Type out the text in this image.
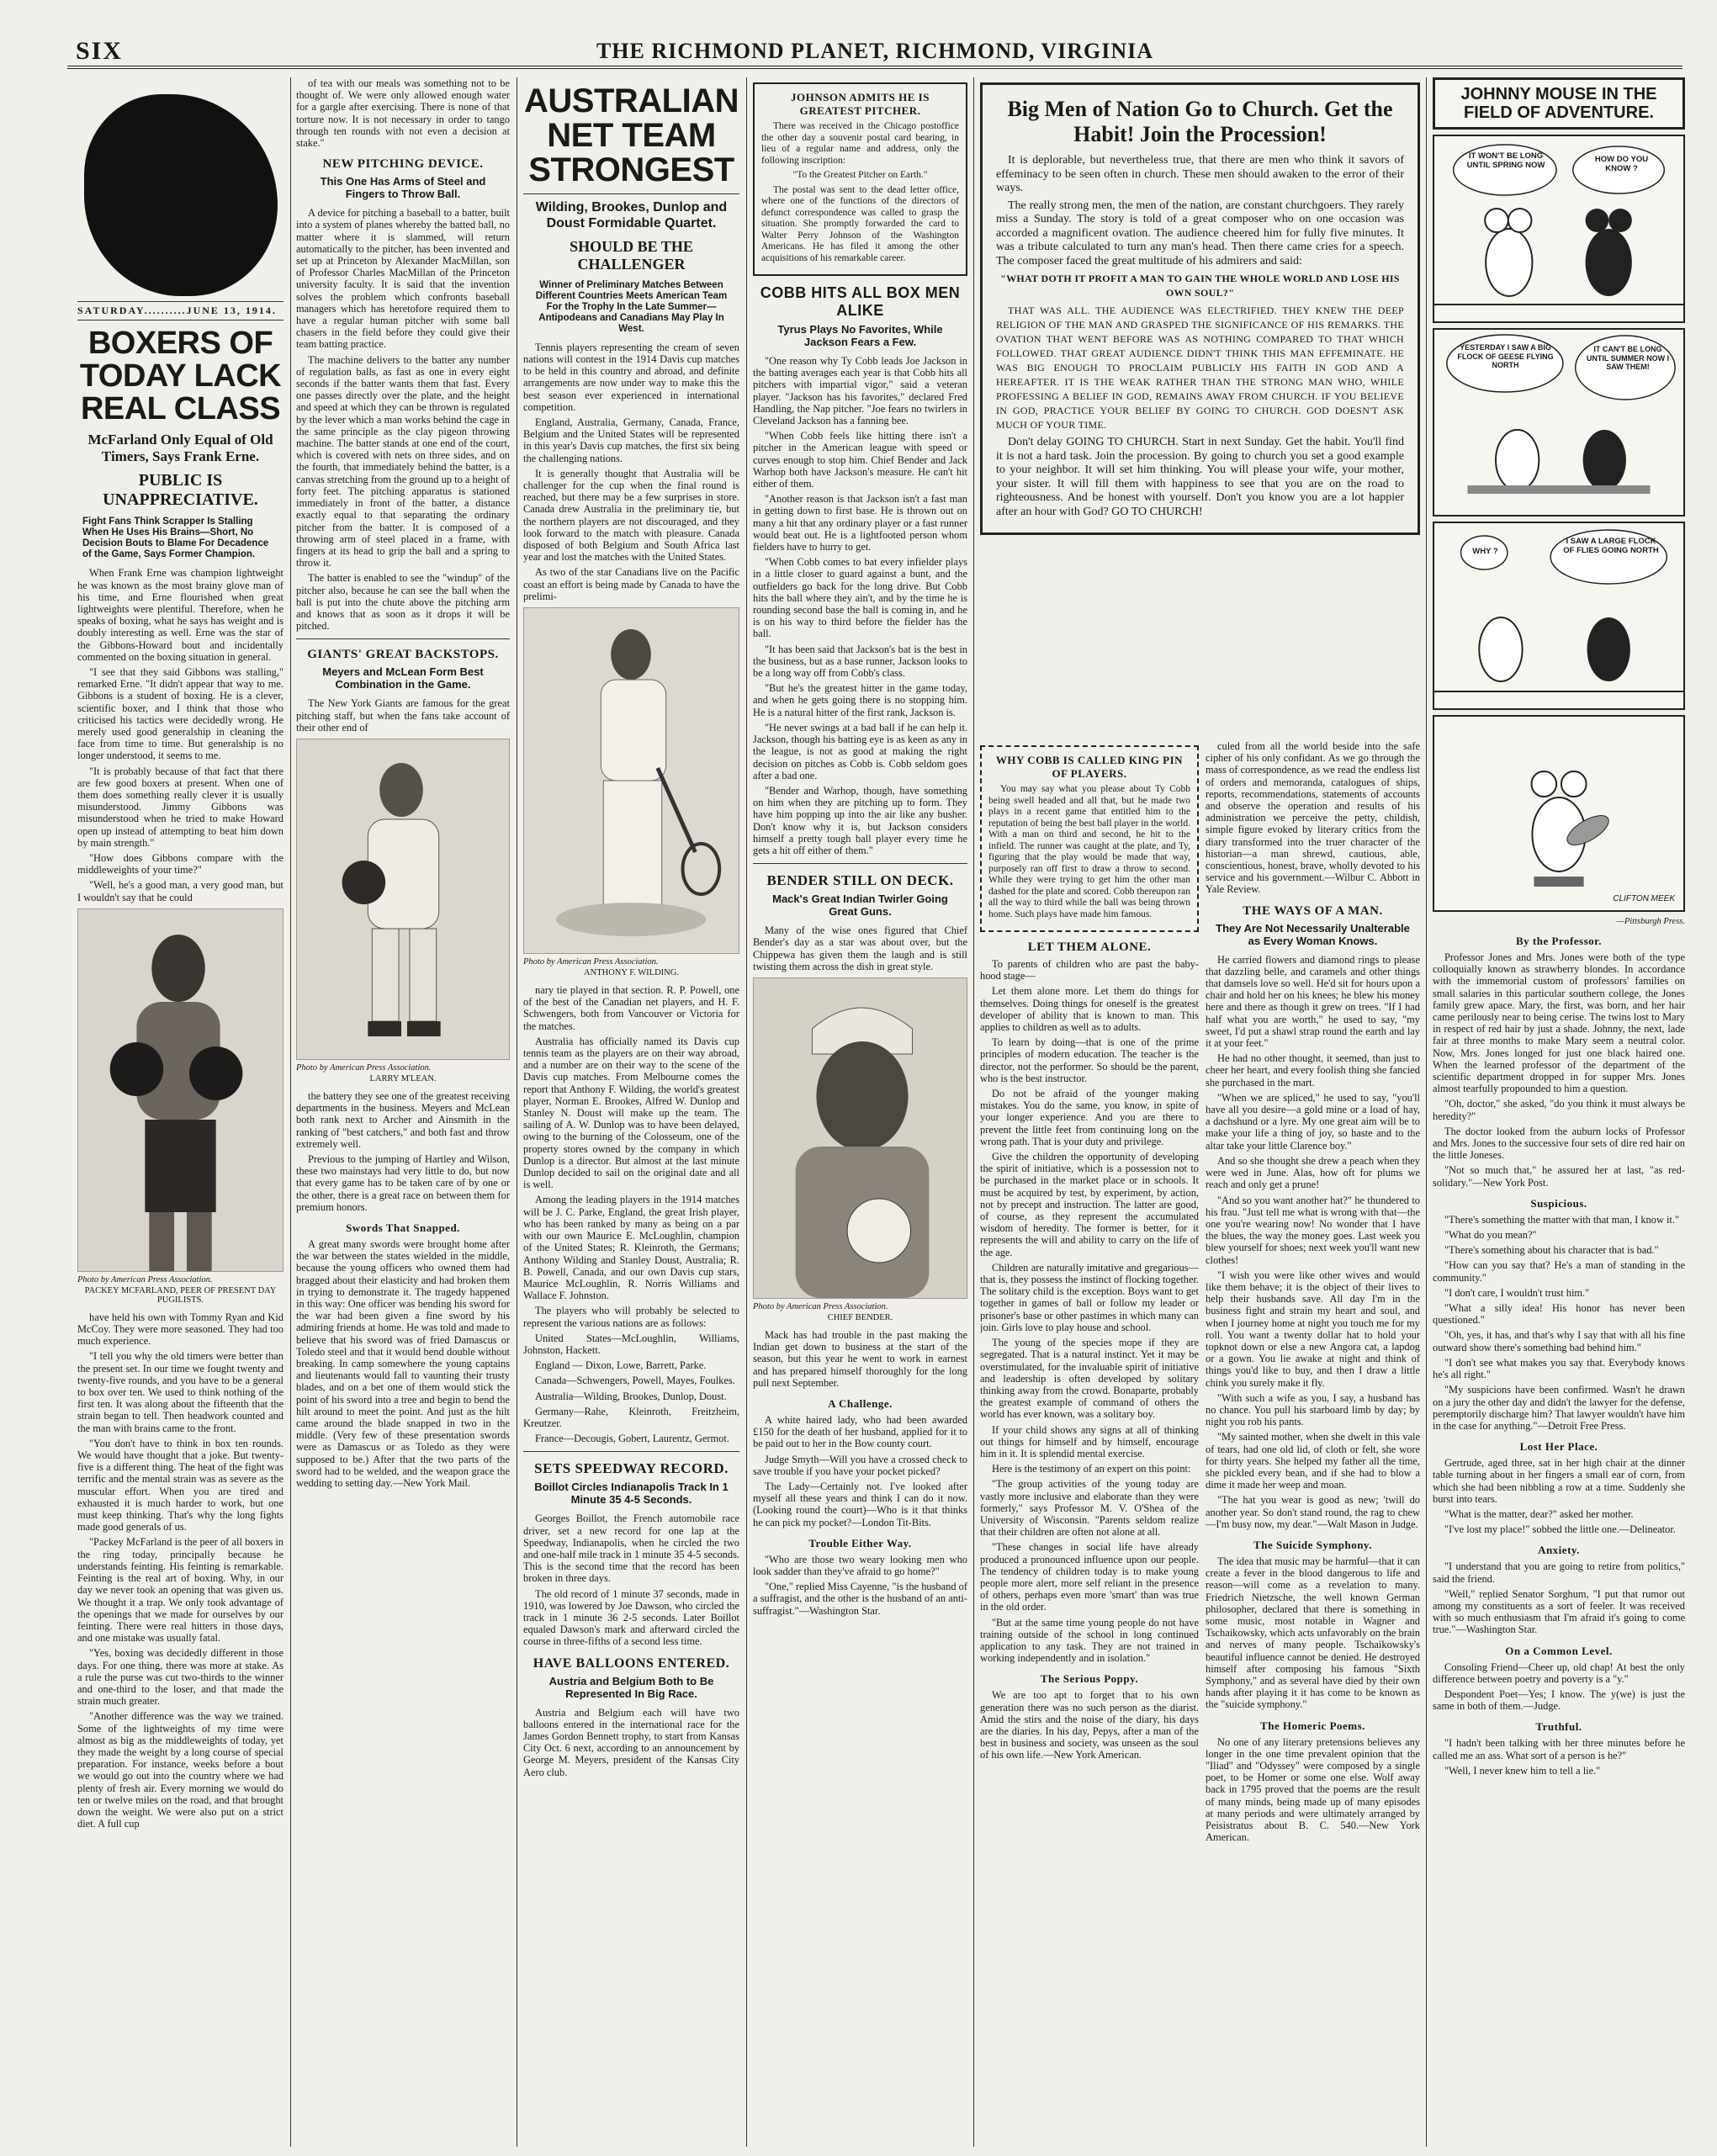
SIX	THE RICHMOND PLANET, RICHMOND, VIRGINIA
SATURDAY..........JUNE 13, 1914.
BOXERS OF TODAY LACK REAL CLASS
McFarland Only Equal of Old Timers, Says Frank Erne.
PUBLIC IS UNAPPRECIATIVE.
Fight Fans Think Scrapper Is Stalling When He Uses His Brains—Short, No Decision Bouts to Blame For Decadence of the Game, Says Former Champion.

When Frank Erne was champion lightweight he was known as the most brainy glove man of his time, and Erne flourished when great lightweights were plentiful. Therefore, when he speaks of boxing, what he says has weight and is doubly interesting as well. Erne was the star of the Gibbons-Howard bout and incidentally commented on the boxing situation in general.

"I see that they said Gibbons was stalling," remarked Erne. "It didn't appear that way to me. Gibbons is a student of boxing. He is a clever, scientific boxer, and I think that those who criticised his tactics were decidedly wrong. He merely used good generalship in cleaning the face from time to time. But generalship is no longer understood, it seems to me.

"It is probably because of that fact that there are few good boxers at present. When one of them does something really clever it is usually misunderstood. Jimmy Gibbons was misunderstood when he tried to make Howard open up instead of attempting to beat him down by main strength."

"How does Gibbons compare with the middleweights of your time?"

"Well, he's a good man, a very good man, but I wouldn't say that he could

Photo by American Press Association.
PACKEY MCFARLAND, PEER OF PRESENT DAY PUGILISTS.

have held his own with Tommy Ryan and Kid McCoy. They were more seasoned. They had too much experience.

"I tell you why the old timers were better than the present set. In our time we fought twenty and twenty-five rounds, and you have to be a general to box over ten. We used to think nothing of the first ten. It was along about the fifteenth that the strain began to tell. Then headwork counted and the man with brains came to the front.

"You don't have to think in box ten rounds. We would have thought that a joke. But twenty-five is a different thing. The heat of the fight was terrific and the mental strain was as severe as the muscular effort. When you are tired and exhausted it is much harder to work, but one must keep thinking. That's why the long fights made good generals of us.

"Packey McFarland is the peer of all boxers in the ring today, principally because he understands feinting. His feinting is remarkable. Feinting is the real art of boxing. Why, in our day we never took an opening that was given us. We thought it a trap. We only took advantage of the openings that we made for ourselves by our feinting. There were real hitters in those days, and one mistake was usually fatal.

"Yes, boxing was decidedly different in those days. For one thing, there was more at stake. As a rule the purse was cut two-thirds to the winner and one-third to the loser, and that made the strain much greater.

"Another difference was the way we trained. Some of the lightweights of my time were almost as big as the middleweights of today, yet they made the weight by a long course of special preparation. For instance, weeks before a bout we would go out into the country where we had plenty of fresh air. Every morning we would do ten or twelve miles on the road, and that brought down the weight. We were also put on a strict diet. A full cup

of tea with our meals was something not to be thought of. We were only allowed enough water for a gargle after exercising. There is none of that torture now. It is not necessary in order to tango through ten rounds with not even a decision at stake."

NEW PITCHING DEVICE.
This One Has Arms of Steel and Fingers to Throw Ball.

A device for pitching a baseball to a batter, built into a system of planes whereby the batted ball, no matter where it is slammed, will return automatically to the pitcher, has been invented and set up at Princeton by Alexander MacMillan, son of Professor Charles MacMillan of the Princeton university faculty. It is said that the invention solves the problem which confronts baseball managers which has heretofore required them to have a regular human pitcher with some ball chasers in the field before they could give their team batting practice.

The machine delivers to the batter any number of regulation balls, as fast as one in every eight seconds if the batter wants them that fast. Every one passes directly over the plate, and the height and speed at which they can be thrown is regulated by the lever which a man works behind the cage in the same principle as the clay pigeon throwing machine. The batter stands at one end of the court, which is covered with nets on three sides, and on the fourth, that immediately behind the batter, is a canvas stretching from the ground up to a height of forty feet. The pitching apparatus is stationed immediately in front of the batter, a distance exactly equal to that separating the ordinary pitcher from the batter. It is composed of a throwing arm of steel placed in a frame, with fingers at its head to grip the ball and a spring to throw it.

The batter is enabled to see the "windup" of the pitcher also, because he can see the ball when the ball is put into the chute above the pitching arm and knows that as soon as it drops it will be pitched.

GIANTS' GREAT BACKSTOPS.
Meyers and McLean Form Best Combination in the Game.

The New York Giants are famous for the great pitching staff, but when the fans take account of their other end of

Photo by American Press Association.
LARRY M'LEAN.

the battery they see one of the greatest receiving departments in the business. Meyers and McLean both rank next to Archer and Ainsmith in the ranking of "best catchers," and both fast and throw extremely well.

Previous to the jumping of Hartley and Wilson, these two mainstays had very little to do, but now that every game has to be taken care of by one or the other, there is a great race on between them for premium honors.

Swords That Snapped.

A great many swords were brought home after the war between the states wielded in the middle, because the young officers who owned them had bragged about their elasticity and had broken them in trying to demonstrate it. The tragedy happened in this way: One officer was bending his sword for the war had been given a fine sword by his admiring friends at home. He was told and made to believe that his sword was of fried Damascus or Toledo steel and that it would bend double without breaking. In camp somewhere the young captains and lieutenants would fall to vaunting their trusty blades, and on a bet one of them would stick the point of his sword into a tree and begin to bend the hilt around to meet the point. And just as the hilt came around the blade snapped in two in the middle. (Very few of these presentation swords were as Damascus or as Toledo as they were supposed to be.) After that the two parts of the sword had to be welded, and the weapon grace the wedding to setting day.—New York Mail.

AUSTRALIAN NET TEAM STRONGEST
Wilding, Brookes, Dunlop and Doust Formidable Quartet.
SHOULD BE THE CHALLENGER
Winner of Preliminary Matches Between Different Countries Meets American Team For the Trophy In the Late Summer—Antipodeans and Canadians May Play In West.

Tennis players representing the cream of seven nations will contest in the 1914 Davis cup matches to be held in this country and abroad, and definite arrangements are now under way to make this the best season ever experienced in international competition.

England, Australia, Germany, Canada, France, Belgium and the United States will be represented in this year's Davis cup matches, the first six being the challenging nations.

It is generally thought that Australia will be challenger for the cup when the final round is reached, but there may be a few surprises in store. Canada drew Australia in the preliminary tie, but the northern players are not discouraged, and they look forward to the match with pleasure. Canada disposed of both Belgium and South Africa last year and lost the matches with the United States.

As two of the star Canadians live on the Pacific coast an effort is being made by Canada to have the prelimi-

Photo by American Press Association.
ANTHONY F. WILDING.

nary tie played in that section. R. P. Powell, one of the best of the Canadian net players, and H. F. Schwengers, both from Vancouver or Victoria for the matches.

Australia has officially named its Davis cup tennis team as the players are on their way abroad, and a number are on their way to the scene of the Davis cup matches. From Melbourne comes the report that Anthony F. Wilding, the world's greatest player, Norman E. Brookes, Alfred W. Dunlop and Stanley N. Doust will make up the team. The sailing of A. W. Dunlop was to have been delayed, owing to the burning of the Colosseum, one of the property stores owned by the company in which Dunlop is a director. But almost at the last minute Dunlop decided to sail on the original date and all is well.

Among the leading players in the 1914 matches will be J. C. Parke, England, the great Irish player, who has been ranked by many as being on a par with our own Maurice E. McLoughlin, champion of the United States; R. Kleinroth, the Germans; Anthony Wilding and Stanley Doust, Australia; R. B. Powell, Canada, and our own Davis cup stars, Maurice McLoughlin, R. Norris Williams and Wallace F. Johnston.

The players who will probably be selected to represent the various nations are as follows:

United States—McLoughlin, Williams, Johnston, Hackett.

England — Dixon, Lowe, Barrett, Parke.

Canada—Schwengers, Powell, Mayes, Foulkes.

Australia—Wilding, Brookes, Dunlop, Doust.

Germany—Rahe, Kleinroth, Freitzheim, Kreutzer.

France—Decougis, Gobert, Laurentz, Germot.

SETS SPEEDWAY RECORD.
Boillot Circles Indianapolis Track In 1 Minute 35 4-5 Seconds.

Georges Boillot, the French automobile race driver, set a new record for one lap at the Speedway, Indianapolis, when he circled the two and one-half mile track in 1 minute 35 4-5 seconds. This is the second time that the record has been broken in three days.

The old record of 1 minute 37 seconds, made in 1910, was lowered by Joe Dawson, who circled the track in 1 minute 36 2-5 seconds. Later Boillot equaled Dawson's mark and afterward circled the course in three-fifths of a second less time.

HAVE BALLOONS ENTERED.
Austria and Belgium Both to Be Represented In Big Race.

Austria and Belgium each will have two balloons entered in the international race for the James Gordon Bennett trophy, to start from Kansas City Oct. 6 next, according to an announcement by George M. Meyers, president of the Kansas City Aero club.

JOHNSON ADMITS HE IS GREATEST PITCHER.

There was received in the Chicago postoffice the other day a souvenir postal card bearing, in lieu of a regular name and address, only the following inscription:

"To the Greatest Pitcher on Earth."

The postal was sent to the dead letter office, where one of the functions of the directors of defunct correspondence was called to grasp the situation. She promptly forwarded the card to Walter Perry Johnson of the Washington Americans. He has filed it among the other acquisitions of his remarkable career.

COBB HITS ALL BOX MEN ALIKE
Tyrus Plays No Favorites, While Jackson Fears a Few.

"One reason why Ty Cobb leads Joe Jackson in the batting averages each year is that Cobb hits all pitchers with impartial vigor," said a veteran player. "Jackson has his favorites," declared Fred Handling, the Nap pitcher. "Joe fears no twirlers in Cleveland Jackson has a fanning bee.

"When Cobb feels like hitting there isn't a pitcher in the American league with speed or curves enough to stop him. Chief Bender and Jack Warhop both have Jackson's measure. He can't hit either of them.

"Another reason is that Jackson isn't a fast man in getting down to first base. He is thrown out on many a hit that any ordinary player or a fast runner would beat out. He is a lightfooted person whom fielders have to hurry to get.

"When Cobb comes to bat every infielder plays in a little closer to guard against a bunt, and the outfielders go back for the long drive. But Cobb hits the ball where they ain't, and by the time he is rounding second base the ball is coming in, and he is on his way to third before the fielder has the ball.

"It has been said that Jackson's bat is the best in the business, but as a base runner, Jackson looks to be a long way off from Cobb's class.

"But he's the greatest hitter in the game today, and when he gets going there is no stopping him. He is a natural hitter of the first rank, Jackson is.

"He never swings at a bad ball if he can help it. Jackson, though his batting eye is as keen as any in the league, is not as good at making the right decision on pitches as Cobb is. Cobb seldom goes after a bad one.

"Bender and Warhop, though, have something on him when they are pitching up to form. They have him popping up into the air like any busher. Don't know why it is, but Jackson considers himself a pretty tough ball player every time he gets a hit off either of them."

BENDER STILL ON DECK.
Mack's Great Indian Twirler Going Great Guns.

Many of the wise ones figured that Chief Bender's day as a star was about over, but the Chippewa has given them the laugh and is still twisting them across the dish in great style.

Photo by American Press Association.
CHIEF BENDER.

Mack has had trouble in the past making the Indian get down to business at the start of the season, but this year he went to work in earnest and has prepared himself thoroughly for the long pull next September.

A Challenge.

A white haired lady, who had been awarded £150 for the death of her husband, applied for it to be paid out to her in the Bow county court.

Judge Smyth—Will you have a crossed check to save trouble if you have your pocket picked?

The Lady—Certainly not. I've looked after myself all these years and think I can do it now. (Looking round the court)—Who is it that thinks he can pick my pocket?—London Tit-Bits.

Trouble Either Way.

"Who are those two weary looking men who look sadder than they've afraid to go home?"

"One," replied Miss Cayenne, "is the husband of a suffragist, and the other is the husband of an anti-suffragist."—Washington Star.

Big Men of Nation Go to Church. Get the Habit! Join the Procession!

It is deplorable, but nevertheless true, that there are men who think it savors of effeminacy to be seen often in church. These men should awaken to the error of their ways.

The really strong men, the men of the nation, are constant churchgoers. They rarely miss a Sunday. The story is told of a great composer who on one occasion was accorded a magnificent ovation. The audience cheered him for fully five minutes. It was a tribute calculated to turn any man's head. Then there came cries for a speech. The composer faced the great multitude of his admirers and said:

"WHAT DOTH IT PROFIT A MAN TO GAIN THE WHOLE WORLD AND LOSE HIS OWN SOUL?"

THAT WAS ALL. THE AUDIENCE WAS ELECTRIFIED. THEY KNEW THE DEEP RELIGION OF THE MAN AND GRASPED THE SIGNIFICANCE OF HIS REMARKS. THE OVATION THAT WENT BEFORE WAS AS NOTHING COMPARED TO THAT WHICH FOLLOWED. THAT GREAT AUDIENCE DIDN'T THINK THIS MAN EFFEMINATE. HE WAS BIG ENOUGH TO PROCLAIM PUBLICLY HIS FAITH IN GOD AND A HEREAFTER. IT IS THE WEAK RATHER THAN THE STRONG MAN WHO, WHILE PROFESSING A BELIEF IN GOD, REMAINS AWAY FROM CHURCH. IF YOU BELIEVE IN GOD, PRACTICE YOUR BELIEF BY GOING TO CHURCH. GOD DOESN'T ASK MUCH OF YOUR TIME.

Don't delay GOING TO CHURCH. Start in next Sunday. Get the habit. You'll find it is not a hard task. Join the procession. By going to church you set a good example to your neighbor. It will set him thinking. You will please your wife, your mother, your sister. It will fill them with happiness to see that you are on the road to righteousness. And be honest with yourself. Don't you know you are a lot happier after an hour with God? GO TO CHURCH!

WHY COBB IS CALLED KING PIN OF PLAYERS.

You may say what you please about Ty Cobb being swell headed and all that, but he made two plays in a recent game that entitled him to the reputation of being the best ball player in the world. With a man on third and second, he hit to the infield. The runner was caught at the plate, and Ty, figuring that the play would be made that way, purposely ran off first to draw a throw to second. While they were trying to get him the other man dashed for the plate and scored. Cobb thereupon ran all the way to third while the ball was being thrown home. Such plays have made him famous.

LET THEM ALONE.

To parents of children who are past the baby-hood stage—

Let them alone more. Let them do things for themselves. Doing things for oneself is the greatest developer of ability that is known to man. This applies to children as well as to adults.

To learn by doing—that is one of the prime principles of modern education. The teacher is the director, not the performer. So should be the parent, who is the best instructor.

Do not be afraid of the younger making mistakes. You do the same, you know, in spite of your longer experience. And you are there to prevent the little feet from continuing long on the wrong path. That is your duty and privilege.

Give the children the opportunity of developing the spirit of initiative, which is a possession not to be purchased in the market place or in schools. It must be acquired by test, by experiment, by action, not by precept and instruction. The latter are good, of course, as they represent the accumulated wisdom of heredity. The former is better, for it represents the will and ability to carry on the life of the age.

Children are naturally imitative and gregarious—that is, they possess the instinct of flocking together. The solitary child is the exception. Boys want to get together in games of ball or follow my leader or prisoner's base or other pastimes in which many can join. Girls love to play house and school.

The young of the species mope if they are segregated. That is a natural instinct. Yet it may be overstimulated, for the invaluable spirit of initiative and leadership is often developed by solitary thinking away from the crowd. Bonaparte, probably the greatest example of command of others the world has ever known, was a solitary boy.

If your child shows any signs at all of thinking out things for himself and by himself, encourage him in it. It is splendid mental exercise.

Here is the testimony of an expert on this point:

"The group activities of the young today are vastly more inclusive and elaborate than they were formerly," says Professor M. V. O'Shea of the University of Wisconsin. "Parents seldom realize that their children are often not alone at all.

"These changes in social life have already produced a pronounced influence upon our people. The tendency of children today is to make young people more alert, more self reliant in the presence of others, perhaps even more 'smart' than was true in the old order.

"But at the same time young people do not have training outside of the school in long continued application to any task. They are not trained in working independently and in isolation."

The Serious Poppy.

We are too apt to forget that to his own generation there was no such person as the diarist. Amid the stirs and the noise of the diary, his days are the diaries. In his day, Pepys, after a man of the best in business and society, was unseen as the soul of his own life.—New York American.

culed from all the world beside into the safe cipher of his only confidant. As we go through the mass of correspondence, as we read the endless list of orders and memoranda, catalogues of ships, reports, recommendations, statements of accounts and observe the operation and results of his administration we perceive the petty, childish, simple figure evoked by literary critics from the diary transformed into the truer character of the historian—a man shrewd, cautious, able, conscientious, honest, brave, wholly devoted to his service and his government.—Wilbur C. Abbott in Yale Review.

THE WAYS OF A MAN.
They Are Not Necessarily Unalterable as Every Woman Knows.

He carried flowers and diamond rings to please that dazzling belle, and caramels and other things that damsels love so well. He'd sit for hours upon a chair and hold her on his knees; he blew his money here and there as though it grew on trees. "If I had half what you are worth," he used to say, "my sweet, I'd put a shawl strap round the earth and lay it at your feet."

He had no other thought, it seemed, than just to cheer her heart, and every foolish thing she fancied she purchased in the mart.

"When we are spliced," he used to say, "you'll have all you desire—a gold mine or a load of hay, a dachshund or a lyre. My one great aim will be to make your life a thing of joy, so haste and to the altar take your little Clarence boy."

And so she thought she drew a peach when they were wed in June. Alas, how oft for plums we reach and only get a prune!

"And so you want another hat?" he thundered to his frau. "Just tell me what is wrong with that—the one you're wearing now! No wonder that I have the blues, the way the money goes. Last week you blew yourself for shoes; next week you'll want new clothes!

"I wish you were like other wives and would like them behave; it is the object of their lives to help their husbands save. All day I'm in the business fight and strain my heart and soul, and when I journey home at night you touch me for my roll. You want a twenty dollar hat to hold your topknot down or else a new Angora cat, a lapdog or a gown. You lie awake at night and think of things you'd like to buy, and then I draw a little chink you surely make it fly.

"With such a wife as you, I say, a husband has no chance. You pull his starboard limb by day; by night you rob his pants.

"My sainted mother, when she dwelt in this vale of tears, had one old lid, of cloth or felt, she wore for thirty years. She helped my father all the time, she pickled every bean, and if she had to blow a dime it made her weep and moan.

"The hat you wear is good as new; 'twill do another year. So don't stand round, the rag to chew—I'm busy now, my dear."—Walt Mason in Judge.

The Suicide Symphony.

The idea that music may be harmful—that it can create a fever in the blood dangerous to life and reason—will come as a revelation to many. Friedrich Nietzsche, the well known German philosopher, declared that there is something in some music, most notable in Wagner and Tschaikowsky, which acts unfavorably on the brain and nerves of many people. Tschaikowsky's beautiful influence cannot be denied. He destroyed himself after composing his famous "Sixth Symphony," and as several have died by their own hands after playing it it has come to be known as the "suicide symphony."

The Homeric Poems.

No one of any literary pretensions believes any longer in the one time prevalent opinion that the "Iliad" and "Odyssey" were composed by a single poet, to be Homer or some one else. Wolf away back in 1795 proved that the poems are the result of many minds, being made up of many episodes at many periods and were ultimately arranged by Peisistratus about B. C. 540.—New York American.

JOHNNY MOUSE IN THE FIELD OF ADVENTURE.
IT WON'T BE LONG UNTIL SPRING NOW
HOW DO YOU KNOW ?
YESTERDAY I SAW A BIG FLOCK OF GEESE FLYING NORTH
IT CAN'T BE LONG UNTIL SUMMER NOW I SAW THEM!
WHY ?
I SAW A LARGE FLOCK OF FLIES GOING NORTH
CLIFTON MEEK
—Pittsburgh Press.
By the Professor.

Professor Jones and Mrs. Jones were both of the type colloquially known as strawberry blondes. In accordance with the immemorial custom of professors' families on small salaries in this particular southern college, the Jones family grew apace. Mary, the first, was born, and her hair came perilously near to being cerise. The twins lost to Mary in respect of red hair by just a shade. Johnny, the next, lade fair at three months to make Mary seem a neutral color. Now, Mrs. Jones longed for just one black haired one. When the learned professor of the department of the scientific department dropped in for supper Mrs. Jones almost tearfully propounded to him a question.

"Oh, doctor," she asked, "do you think it must always be heredity?"

The doctor looked from the auburn locks of Professor and Mrs. Jones to the successive four sets of dire red hair on the little Joneses.

"Not so much that," he assured her at last, "as red-solidary."—New York Post.

Suspicious.

"There's something the matter with that man, I know it."

"What do you mean?"

"There's something about his character that is bad."

"How can you say that? He's a man of standing in the community."

"I don't care, I wouldn't trust him."

"What a silly idea! His honor has never been questioned."

"Oh, yes, it has, and that's why I say that with all his fine outward show there's something bad behind him."

"I don't see what makes you say that. Everybody knows he's all right."

"My suspicions have been confirmed. Wasn't he drawn on a jury the other day and didn't the lawyer for the defense, peremptorily discharge him? That lawyer wouldn't have him in the case for anything."—Detroit Free Press.

Lost Her Place.

Gertrude, aged three, sat in her high chair at the dinner table turning about in her fingers a small ear of corn, from which she had been nibbling a row at a time. Suddenly she burst into tears.

"What is the matter, dear?" asked her mother.

"I've lost my place!" sobbed the little one.—Delineator.

Anxiety.

"I understand that you are going to retire from politics," said the friend.

"Well," replied Senator Sorghum, "I put that rumor out among my constituents as a sort of feeler. It was received with so much enthusiasm that I'm afraid it's going to come true."—Washington Star.

On a Common Level.

Consoling Friend—Cheer up, old chap! At best the only difference between poetry and poverty is a "y."

Despondent Poet—Yes; I know. The y(we) is just the same in both of them.—Judge.

Truthful.

"I hadn't been talking with her three minutes before he called me an ass. What sort of a person is he?"

"Well, I never knew him to tell a lie."
